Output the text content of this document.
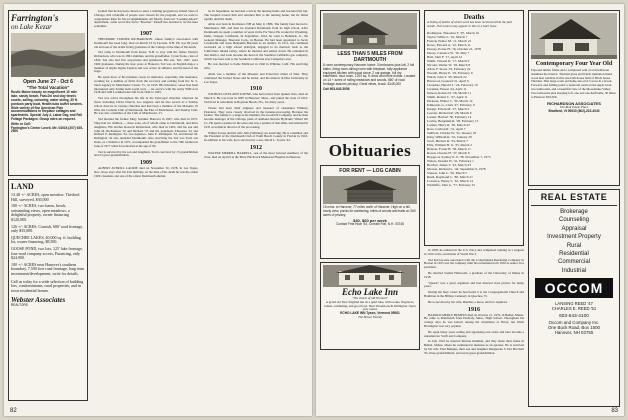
Farrington's
on Lake Kezar
Open June 27 - Oct 6
"The Total Vacation"
Rustic Maine beauty on magnificent 10 mile lake, sandy beach, Fast-Dri and clay tennis courts, sailing, canoeing, water skiing, 35 ft. pontoon party boat, Health tubs buffet lunches. Wide variety of fine American Plan accommodations in fireplace cottages and apartments. Special July 4, Labor Day, and Fall Foliage Packages. Group rates on request.
Write or Call:
Farrington's Center Lovell, Me. 04016 (207) 925-2500
LAND
13.48 +/- ACRES, open meadow, Thetford Hill, surveyed, $30,000
100 +/- ACRES, two barns, brook, outstanding views, open meadows, a delightful property, owner financing $120,000.
126 +/- ACRES, Cornish, 680' road frontage, only $35,000.
QUECHEE LAKES, 40,000 sq. ft. building lot, owner financing, $8,500.
GOOSE POND, two lots, 125' lake frontage, four-road company access, Financing, only $24,900.
100 +/- ACRES near Hanover's southern boundary, 7,500 foot road frontage, long term investment/development, write for details.
Call us today for a wide selection of building lots, condominiums, rural properties, and in town residential homes.
Webster Associates
REALTORS

formed that he has been chosen to enter a training program for Inland Steel of Chicago, this a handful of people were chosen for the program, and we want to congratulate Russ for his accomplishment. All finally, from our "Looking Ahead" department, come word that Steve "Boomer" Tarnell has decided to tie the knot sometime

1907

THEODORE TURNER RICHARDSON, whose family's association with Dartmouth has been long, died on March 10 in Laconia, N.H. He was 96 years old and one of the oldest living graduates of the College at the time of his death.

Ted came to Dartmouth from Kezar, N.H. to stay with his father, Herbert Richardson, who was in 1861 alumnus, and his grandfather, Cyrus Stone, class of 1822. Ted also had five step-uncles and grandsons. His son, Ted, 1947, were 1960 graduates. During his four years at Hanover, Ted was an English major, a member of Alpha Sigma Epsilon and was active in athletics and the head of the stage.

He spent most of his business career in insurance, especially title insurance, working for a number of firms from the recovery and retiring from the St. S. Stern Agency in Manchester Center, Vt., in 1945. His insurance career had been interrupted only during both world wars — he service with the Army YMCA in 1918 and with Lockheed Aircraft from 1942 to 1945.

Ted was active throughout his life in the Episcopal churches wherever he lived, including Christ Church, Los Angeles, and he also served as a Sunday school director in various churches and had been a member of the Masonic, Pi Omi, the Cornelia Club of Dartmouth, the Elks of Manchester, and Sunday Club. He was also a member of the Club of Manchester, Vt.

Ted married the former Mary Sommer Hanover in 1907, who died in 1975. They had six children — three sons, all of whom came to Dartmouth, and three daughters. His brother Roswell Richardson, who died in 1965, and his son and John M. Richardson '32 and Richard '37 and his grandsons Theodore '61 and Richard P. Redington '34, two nephews, John E. Redington '34, and Robert M. Redington '42 also attended Dartmouth. Also surviving the Ted was Ted's son Dana, as a Statistics in 1971, accompanied his grandfather to the 70th reunion in June of 1977 when Ted enrolled at the age of 96.

Ted is survived by his son and daughters. Ted is survived by 13 grandchildren and 23 great-grandchildren.

1909

ALBERT AVERILL LAURIE died on November 30, 1978, in Las Vegas, Nev., three days after his 91st birthday. At the time of his death he was the oldest 1909 classmate and one of the oldest Dartmouth alumni.

ni. In September, he had had a fall in the nursing home and fractured his hip. The hospital treated him and returned him to the nursing home, but he failed rapidly until his death.

Albie was born in Rochester, NH on May 9, 1886. The family later moved to Manchester, NH, and then he attended Dartmouth from its high school. After Dartmouth, he spent a number of years in the Far West. He worked in Wyoming, Idaho, Oregon, California. In September, 1914, he went to Bentinck, Jr., the General Manager, Sheraton Corp., in Boston. He had been appointed to Jacob Lewinsohn and Jesse Benjamin Burstein as an auditor. In 1911, the continued westward on a high school principal, engaged to be married, back to the California's inland valley, where he married and settled down. He remained in that district, and soon became the head of the Southern California gas company, which was later sold to the Southern California Gas Company's area.

He was married to Sadie Mallicoat in 1940 in Whittier, Calif. His surviving wife.

Albie was a member of the Masonic and Protective Order of Elks. They celebrated the United States and he Order, and his interest in Elks University in Las Vegas.

1910

WILBUR LOVELAND TOWNE, who had retired from Quaker Oats, died on March 9. He was born in 1887 in Hanover, Mass., and joined the class of 1910. Ted lived in retirement in Boynton Beach, Fla., for many years.

Towne had been chief engineer and treasurer of classmates Whitney Fasteners. They were closely involved in the fastener-processing. Because the former. The family is a large-scale member, the Goodrich Company, and he then became manager of the Chicago plant of Ashland-Stevens Hydraulic Wheel Oil Co. He spent a partner in the sales and was a partner of that Ohio, and returned in 1931 as technical director of the processing.

Wilbur Towne and his wife Julia (Whitney) are surviving. He is a member and the President of the Dartmouth Club of Palm Beach County in Florida in 1963. In addition to his wife, he is survived by a son, David L. Towne '44.

1912

WALTER MERRILL HARRELL, one of the most beloved members of the class, died on April 6 at the Mary Hitchcock Memorial Hospital in Hanover.

82
LESS THAN 5 MILES FROM DARTMOUTH
8 room contemporary Hanover home: 3 bedrooms plus loft, 2 full baths, living room-dining room with fireplace, fully appliance equipped kitchen with wood stove, 2 car garage, full dry basement, mud room, 1200 sq. ft. deck and more extras. Located on 14 + acres of rolling meadows and woods, 660' of road frontage assures privacy. Great views, brook. $145,000
Call 603-643-5056
Obituaries
FOR RENT — LOG CABIN
15 mins. to Hanover, 77 miles north of Hanover. High on a hill, lovely view, ponds for swimming, miles of woods and trails on 360 acres of privacy.
$40, $60 per week
Contact Fritz Hoar '44, Cornish Flat, N.H. 03745
Echo Lake Inn
"The charm of old Vermont"
A grand old New England inn on a quiet lake, with rooms, fireplaces, tennis, swimming, and good food. Near Woodstock & Killington. Open year round.
ECHO LAKE INN Tyson, Vermont 05081
The Brown Family
Deaths
A listing of deaths of which word has been received within the past month. Full notices may appear in this or a later issue.
Rodington, Theodore T. '07, March 10
Taylor, Willie L. '10, March 7
French, Walter M. '11, March 21
Rowe, Edward A. '12, March 11
Dorsey, Porter H. '16, October 21, 1978
Ducey, Clarence W. '16, May 7
Hall, John F. '17, April 12
Smith, Vincent K. '17, March 9
Nicolet, Walter W. '18, March 8
Allen, F. Stone '19, February 22
Worrall, Henry E. '19, February 9
Walsh, John T. '20, March 22
Harwood, Leonard '21, April 9
Cleophas, Harold L. '24, February 16
Creamer, Ernest '24, April 11
Nelson, Robert D. '26, March 11
Smith, Robert C. '27, April 11
Dickson, Walter C. '30, March 14
Edmonds, G. Clark '27, February 9
Knapp, Edwin M. '27, March 5
Leavett, Richard R. '28, March 9
Larsen, Herbert '30, February 14
Levine, Benjamin R. '28, February 13
Loltzer, Harry R. '30, March 22
Ross, Carlton R. '31, April 7
Sullivan, Charles W. '32, January 25
King, William R. '33, January 29
Scott, Herbert R. '34, March 7
Ellis, William H. Jr. '35, March 2
Benson, Foster B. '36, March 11
Rosen, Charles H. '37, March 9
Hopgood, Sydney P. Jr. '38, November 7, 1975
Waters, Donald W. '41, February 1
Bercher, James V. '43, March 23
Morton, Richard L. '44, September 9, 1978
Vanson, John C. '56, March 5
Ruell, Raymond C. '60, March 21
Lovelace, Henry L. '61, March 14
Wickliffe, John G. '77, February 25

in 1958, he enlisted in the U.S. Navy and completed training as a surgeon in 1910 at the conclusion of World War I.

Ted had become associated with the Consolidated Rendering Company in Boston in 1923 was the company until his retirement from 1956 as senior vice president.

He married Sophia Hallowell, a graduate of the University of Maine in 1918.

"Quack" was a great organizer and had directed class picnics for many years.

During his busy career he had found it to the Congregational Church and Hamilton in the Hilltop Cemetery in Quechee, Vt.

He is survived by his wife, Benthia, a niece, and two nephews.

1916

HAROLD MERLE BUMPUS died on October 21, 1979, in Bethel, Maine. He came to Dartmouth from Peabody, Mass., High School. Throughout his college days he was known among his classmates as Harry, but Wells Harrington was very popular.

He spent many years selling and appraising real estate and later became a salesman for Swift and Company.

In July 1916 he married Marion Rammel, and they made their home in Bethel, Maine, where he continued in business as an apraiser. He is survived by his wife, Paul Bumpus, their son and daughter Marguerite S. Dot Brochett '65, three grandchildren, and seven great-grandchildren.

Contemporary Four Year Old
Exposed timber frame and a sculptured wall of old fieldstone dominate the interior. Thermal glass and 8 inch insulation make wood heat sensible in this one-bath house built of Birch house Thermal. This large-room old home sits on 6.5 acres in a brook. Forward, and fishing pond: a bedroom room on the upper level, two bathrooms, and a beautiful view of the Moosilauke Valley. Two bedrooms plus sleeping loft, one and one-half baths, 30 miles to Hanover $59,500.
RICHARDSON ASSOCIATES
The Real Estate Place
Bradford, Vt 05033 (802)-222-4040
REAL ESTATE
Brokerage
Counseling
Appraisal
Investment Property
Rural
Residential
Commercial
Industrial
OCCOM
LANSING REED '47
CHARLES E. REED '51
603-643-4100
Occom and Company Inc.
One Buck Road, Box 1500
Hanover, NH 03755
83
